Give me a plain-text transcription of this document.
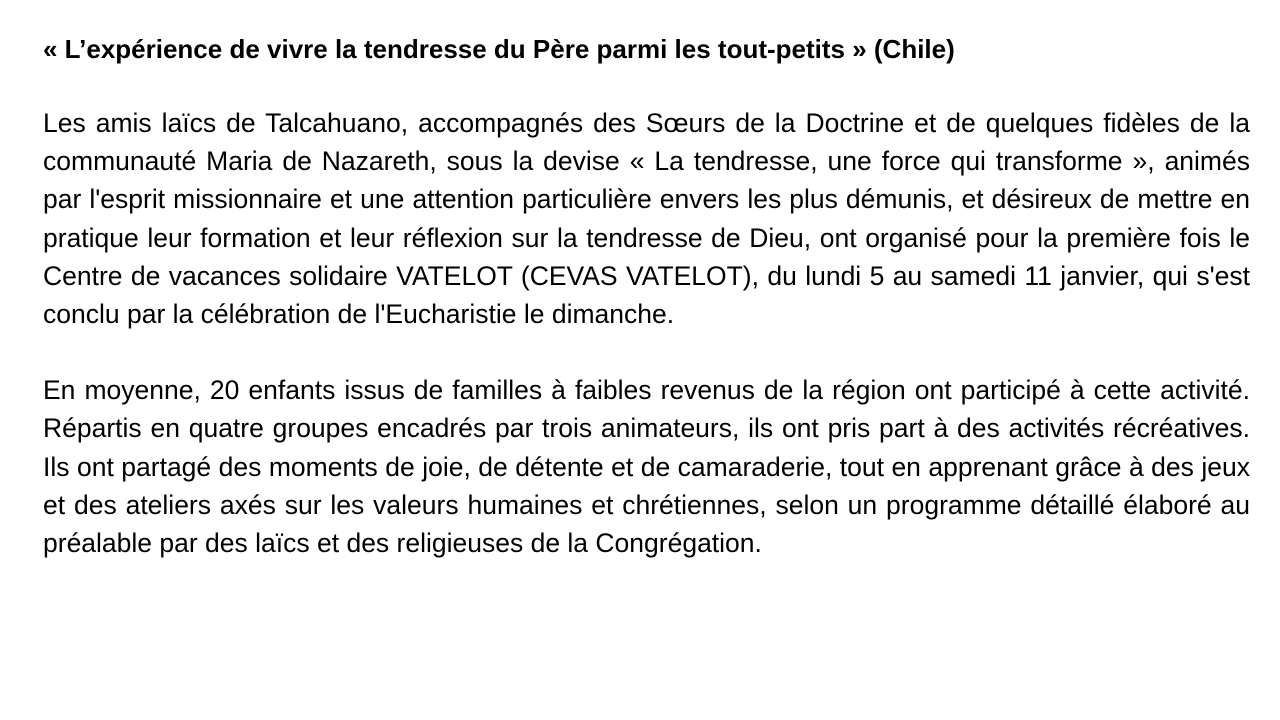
« L’expérience de vivre la tendresse du Père parmi les tout-petits » (Chile)

Les amis laïcs de Talcahuano, accompagnés des Sœurs de la Doctrine et de quelques fidèles de la communauté Maria de Nazareth, sous la devise « La tendresse, une force qui transforme », animés par l'esprit missionnaire et une attention particulière envers les plus démunis, et désireux de mettre en pratique leur formation et leur réflexion sur la tendresse de Dieu, ont organisé pour la première fois le Centre de vacances solidaire VATELOT (CEVAS VATELOT), du lundi 5 au samedi 11 janvier, qui s'est conclu par la célébration de l'Eucharistie le dimanche.

En moyenne, 20 enfants issus de familles à faibles revenus de la région ont participé à cette activité. Répartis en quatre groupes encadrés par trois animateurs, ils ont pris part à des activités récréatives. Ils ont partagé des moments de joie, de détente et de camaraderie, tout en apprenant grâce à des jeux et des ateliers axés sur les valeurs humaines et chrétiennes, selon un programme détaillé élaboré au préalable par des laïcs et des religieuses de la Congrégation.
